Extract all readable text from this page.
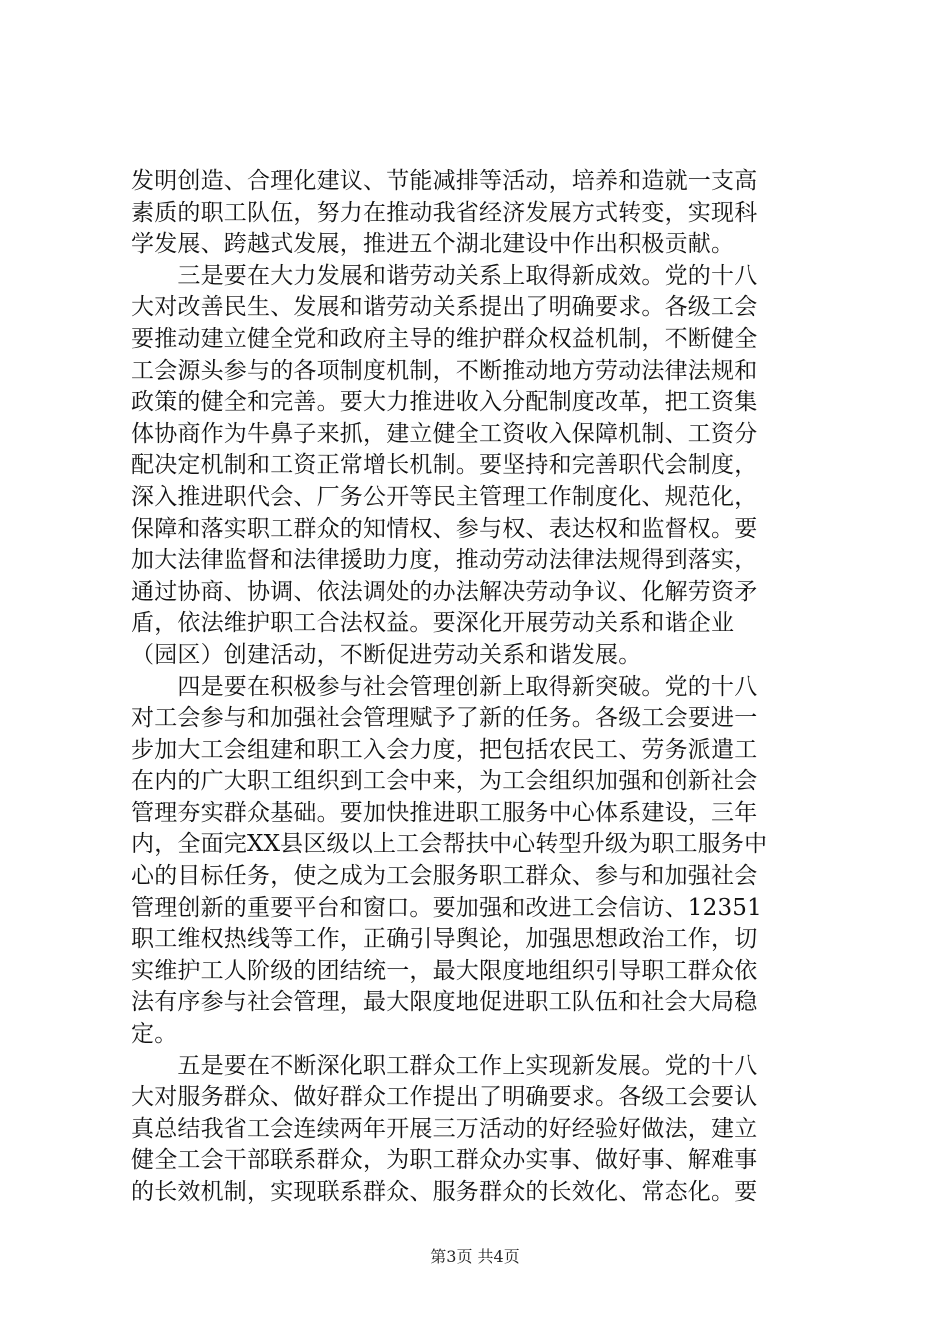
发明创造、合理化建议、节能减排等活动，培养和造就一支高
素质的职工队伍，努力在推动我省经济发展方式转变，实现科
学发展、跨越式发展，推进五个湖北建设中作出积极贡献。
　　三是要在大力发展和谐劳动关系上取得新成效。党的十八
大对改善民生、发展和谐劳动关系提出了明确要求。各级工会
要推动建立健全党和政府主导的维护群众权益机制，不断健全
工会源头参与的各项制度机制，不断推动地方劳动法律法规和
政策的健全和完善。要大力推进收入分配制度改革，把工资集
体协商作为牛鼻子来抓，建立健全工资收入保障机制、工资分
配决定机制和工资正常增长机制。要坚持和完善职代会制度，
深入推进职代会、厂务公开等民主管理工作制度化、规范化，
保障和落实职工群众的知情权、参与权、表达权和监督权。要
加大法律监督和法律援助力度，推动劳动法律法规得到落实，
通过协商、协调、依法调处的办法解决劳动争议、化解劳资矛
盾，依法维护职工合法权益。要深化开展劳动关系和谐企业
（园区）创建活动，不断促进劳动关系和谐发展。
　　四是要在积极参与社会管理创新上取得新突破。党的十八
对工会参与和加强社会管理赋予了新的任务。各级工会要进一
步加大工会组建和职工入会力度，把包括农民工、劳务派遣工
在内的广大职工组织到工会中来，为工会组织加强和创新社会
管理夯实群众基础。要加快推进职工服务中心体系建设，三年
内，全面完XX县区级以上工会帮扶中心转型升级为职工服务中
心的目标任务，使之成为工会服务职工群众、参与和加强社会
管理创新的重要平台和窗口。要加强和改进工会信访、12351
职工维权热线等工作，正确引导舆论，加强思想政治工作，切
实维护工人阶级的团结统一，最大限度地组织引导职工群众依
法有序参与社会管理，最大限度地促进职工队伍和社会大局稳
定。
　　五是要在不断深化职工群众工作上实现新发展。党的十八
大对服务群众、做好群众工作提出了明确要求。各级工会要认
真总结我省工会连续两年开展三万活动的好经验好做法，建立
健全工会干部联系群众，为职工群众办实事、做好事、解难事
的长效机制，实现联系群众、服务群众的长效化、常态化。要
第3页 共4页
